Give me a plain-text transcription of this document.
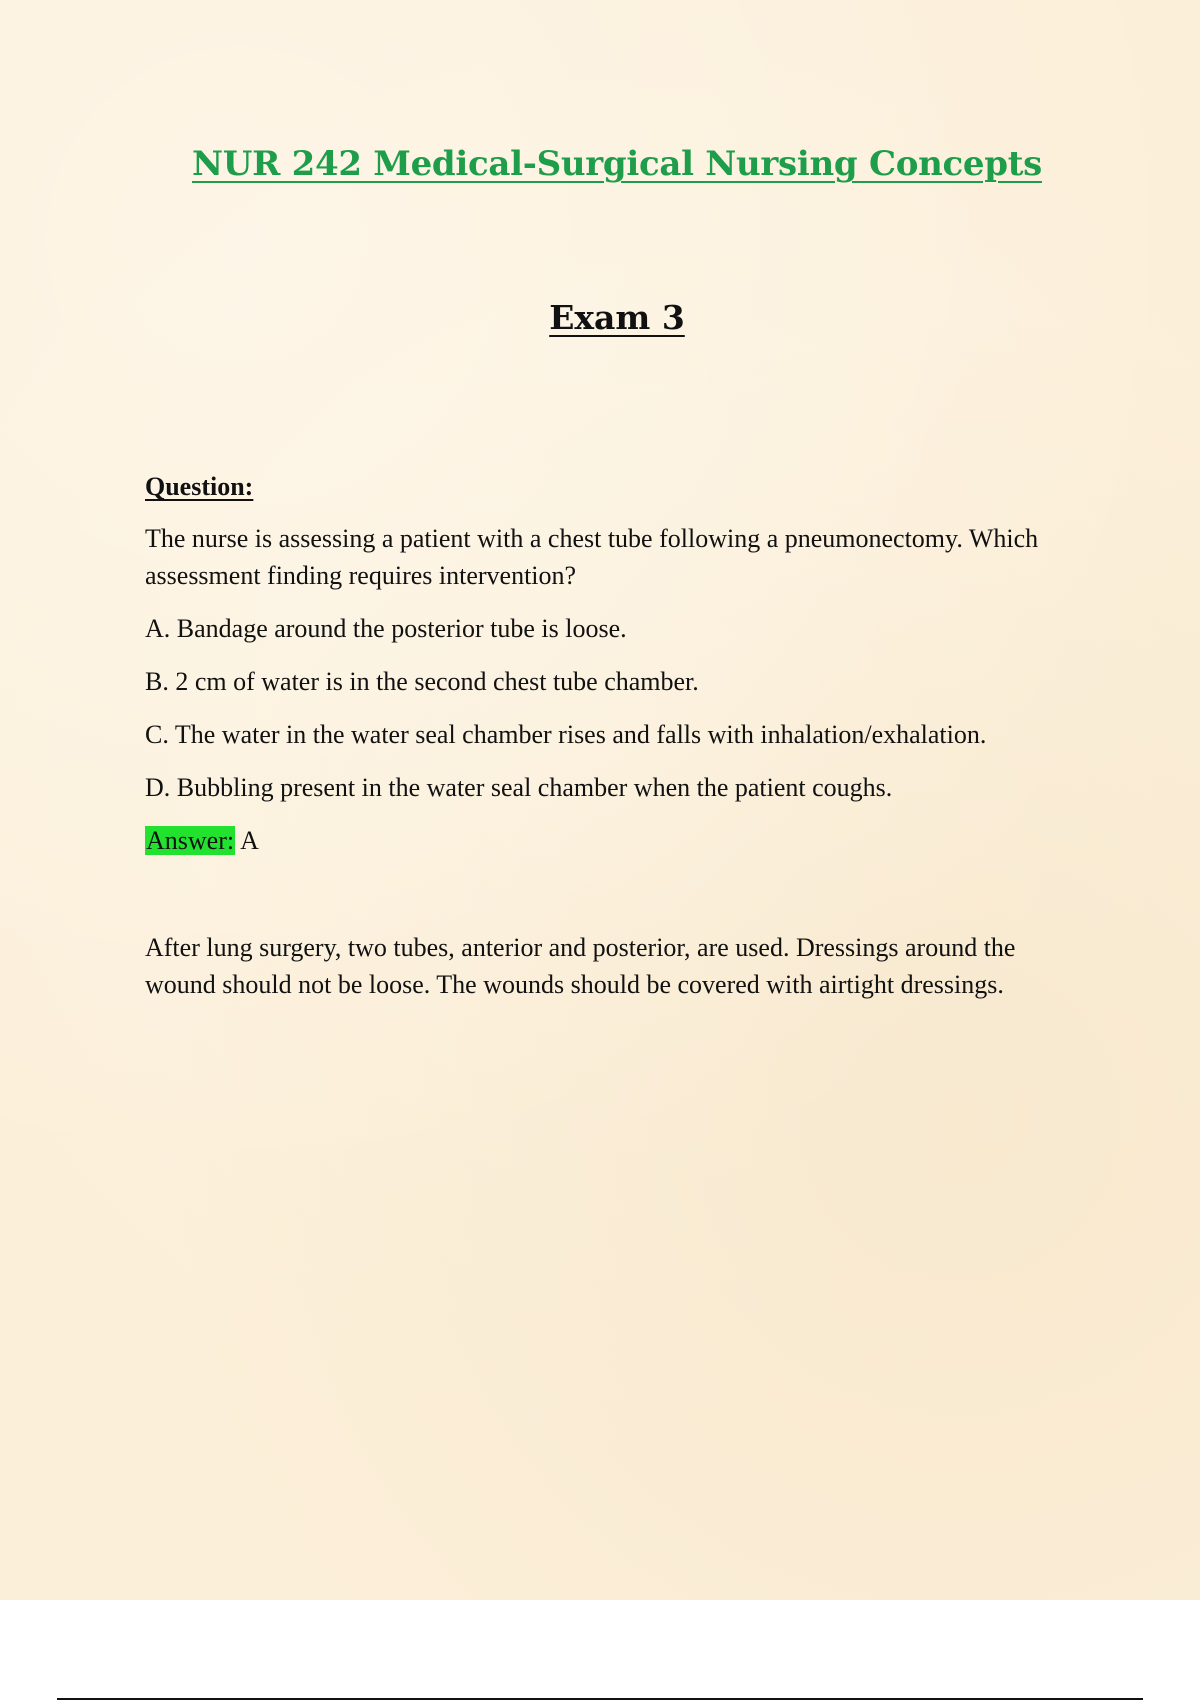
NUR 242 Medical-Surgical Nursing Concepts
Exam 3
Question:

The nurse is assessing a patient with a chest tube following a pneumonectomy. Which assessment finding requires intervention?

A. Bandage around the posterior tube is loose.

B. 2 cm of water is in the second chest tube chamber.

C. The water in the water seal chamber rises and falls with inhalation/exhalation.

D. Bubbling present in the water seal chamber when the patient coughs.

Answer: A

After lung surgery, two tubes, anterior and posterior, are used. Dressings around the wound should not be loose. The wounds should be covered with airtight dressings.
